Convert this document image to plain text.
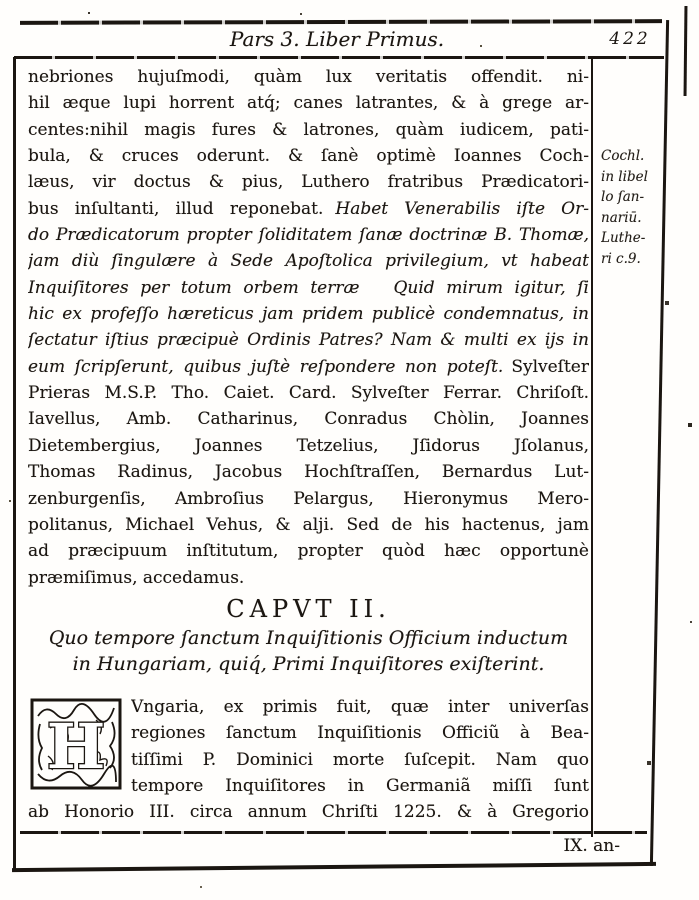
Pars 3. Liber Primus.	422
Cochl.
in libel
lo ſan-
nariū.
Luthe-
ri c.9.
nebriones hujuſmodi, quàm lux veritatis offendit. ni-
hil æque lupi horrent atq́; canes latrantes, & à grege ar-
centes:nihil magis fures & latrones, quàm iudicem, pati-
bula, & cruces oderunt. & ſanè optimè Ioannes Coch-
læus, vir doctus & pius, Luthero fratribus Prædicatori-
bus inſultanti, illud reponebat. Habet Venerabilis iſte Or-
do Prædicatorum propter ſoliditatem ſanæ doctrinæ B. Thomæ,
jam diù ſingulære à Sede Apoſtolica privilegium, vt habeat
Inquiſitores per totum orbem terræ Quid mirum igitur, ſi
hic ex profeſſo hæreticus jam pridem publicè condemnatus, in
ſectatur iſtius præcipuè Ordinis Patres? Nam & multi ex ijs in
eum ſcripſerunt, quibus juſtè reſpondere non poteſt. Sylveſter
Prieras M.S.P. Tho. Caiet. Card. Sylveſter Ferrar. Chriſoſt.
Iavellus, Amb. Catharinus, Conradus Chòlin, Joannes
Dietembergius, Joannes Tetzelius, Jſidorus Jſolanus,
Thomas Radinus, Jacobus Hochſtraſſen, Bernardus Lut-
zenburgenſis, Ambroſius Pelargus, Hieronymus Mero-
politanus, Michael Vehus, & alji. Sed de his hactenus, jam
ad præcipuum inſtitutum, propter quòd hæc opportunè
præmiſimus, accedamus.
CAPVT II.
Quo tempore ſanctum Inquiſitionis Officium inductum
in Hungariam, quiq́, Primi Inquiſitores exiſterint.
H
Vngaria, ex primis fuit, quæ inter univerſas
regiones ſanctum Inquiſitionis Officiũ à Bea-
tiſſimi P. Dominici morte ſuſcepit. Nam quo
tempore Inquiſitores in Germaniã miſſi ſunt
ab Honorio III. circa annum Chriſti 1225. & à Gregorio
IX. an-
